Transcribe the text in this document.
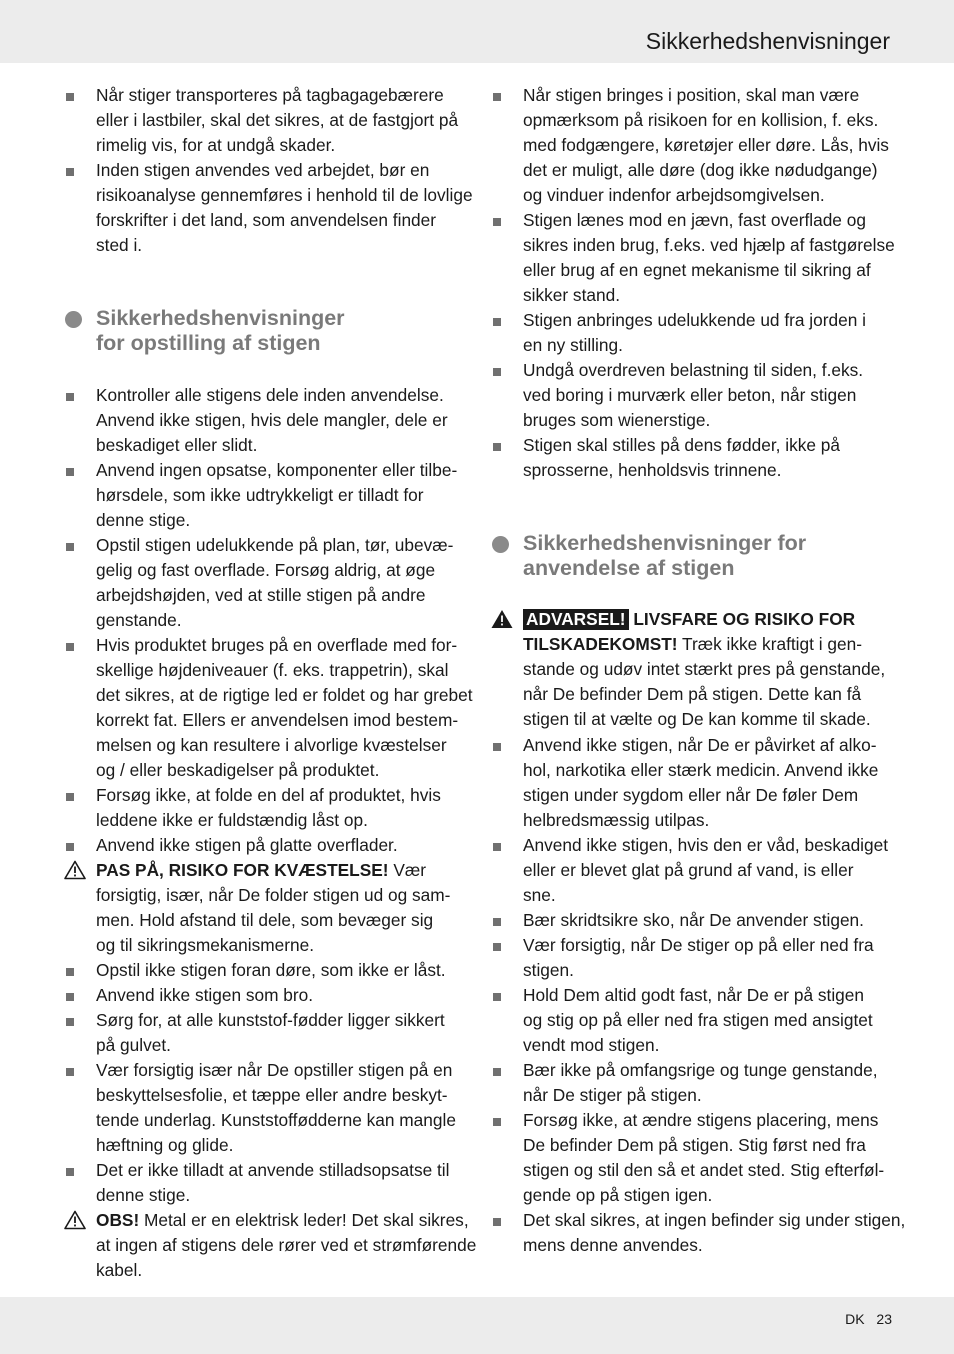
Sikkerhedshenvisninger
Når stiger transporteres på tagbagagebærere
eller i lastbiler, skal det sikres, at de fastgjort på
rimelig vis, for at undgå skader.
Inden stigen anvendes ved arbejdet, bør en
risikoanalyse gennemføres i henhold til de lovlige
forskrifter i det land, som anvendelsen finder
sted i.
Sikkerhedshenvisninger
for opstilling af stigen
Kontroller alle stigens dele inden anvendelse.
Anvend ikke stigen, hvis dele mangler, dele er
beskadiget eller slidt.
Anvend ingen opsatse, komponenter eller tilbe-
hørsdele, som ikke udtrykkeligt er tilladt for
denne stige.
Opstil stigen udelukkende på plan, tør, ubevæ-
gelig og fast overflade. Forsøg aldrig, at øge
arbejdshøjden, ved at stille stigen på andre
genstande.
Hvis produktet bruges på en overflade med for-
skellige højdeniveauer (f. eks. trappetrin), skal
det sikres, at de rigtige led er foldet og har grebet
korrekt fat. Ellers er anvendelsen imod bestem-
melsen og kan resultere i alvorlige kvæstelser
og / eller beskadigelser på produktet.
Forsøg ikke, at folde en del af produktet, hvis
leddene ikke er fuldstændig låst op.
Anvend ikke stigen på glatte overflader.
PAS PÅ, RISIKO FOR KVÆSTELSE! Vær
forsigtig, især, når De folder stigen ud og sam-
men. Hold afstand til dele, som bevæger sig
og til sikringsmekanismerne.
Opstil ikke stigen foran døre, som ikke er låst.
Anvend ikke stigen som bro.
Sørg for, at alle kunststof-fødder ligger sikkert
på gulvet.
Vær forsigtig især når De opstiller stigen på en
beskyttelsesfolie, et tæppe eller andre beskyt-
tende underlag. Kunststoffødderne kan mangle
hæftning og glide.
Det er ikke tilladt at anvende stilladsopsatse til
denne stige.
OBS! Metal er en elektrisk leder! Det skal sikres,
at ingen af stigens dele rører ved et strømførende
kabel.
Når stigen bringes i position, skal man være
opmærksom på risikoen for en kollision, f. eks.
med fodgængere, køretøjer eller døre. Lås, hvis
det er muligt, alle døre (dog ikke nødudgange)
og vinduer indenfor arbejdsomgivelsen.
Stigen lænes mod en jævn, fast overflade og
sikres inden brug, f.eks. ved hjælp af fastgørelse
eller brug af en egnet mekanisme til sikring af
sikker stand.
Stigen anbringes udelukkende ud fra jorden i
en ny stilling.
Undgå overdreven belastning til siden, f.eks.
ved boring i murværk eller beton, når stigen
bruges som wienerstige.
Stigen skal stilles på dens fødder, ikke på
sprosserne, henholdsvis trinnene.
Sikkerhedshenvisninger for
anvendelse af stigen
ADVARSEL! LIVSFARE OG RISIKO FOR
TILSKADEKOMST! Træk ikke kraftigt i gen-
stande og udøv intet stærkt pres på genstande,
når De befinder Dem på stigen. Dette kan få
stigen til at vælte og De kan komme til skade.
Anvend ikke stigen, når De er påvirket af alko-
hol, narkotika eller stærk medicin. Anvend ikke
stigen under sygdom eller når De føler Dem
helbredsmæssig utilpas.
Anvend ikke stigen, hvis den er våd, beskadiget
eller er blevet glat på grund af vand, is eller
sne.
Bær skridtsikre sko, når De anvender stigen.
Vær forsigtig, når De stiger op på eller ned fra
stigen.
Hold Dem altid godt fast, når De er på stigen
og stig op på eller ned fra stigen med ansigtet
vendt mod stigen.
Bær ikke på omfangsrige og tunge genstande,
når De stiger på stigen.
Forsøg ikke, at ændre stigens placering, mens
De befinder Dem på stigen. Stig først ned fra
stigen og stil den så et andet sted. Stig efterføl-
gende op på stigen igen.
Det skal sikres, at ingen befinder sig under stigen,
mens denne anvendes.
DK 23
